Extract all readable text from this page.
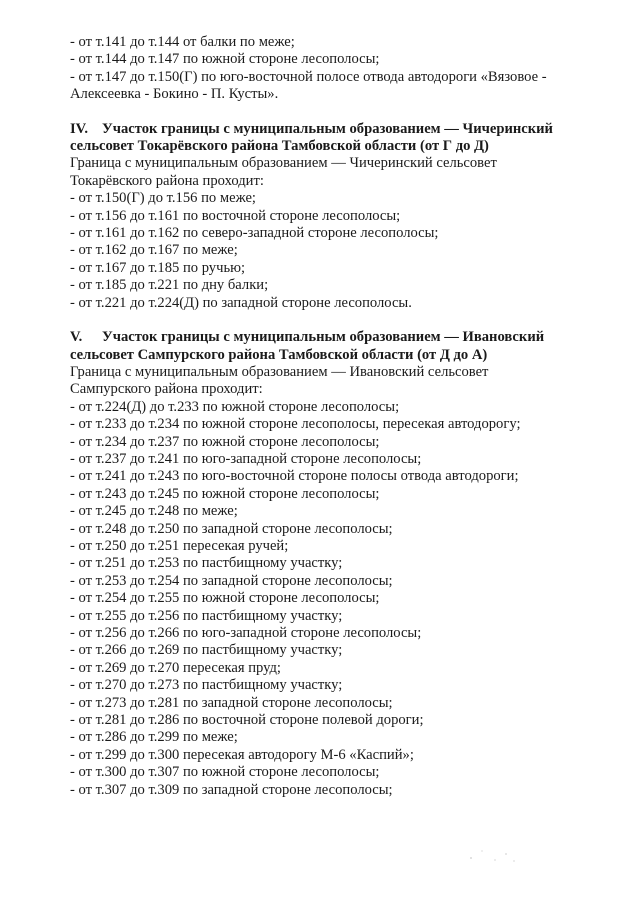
- от т.141 до т.144 от балки по меже;
- от т.144 до т.147 по южной стороне лесополосы;
- от т.147 до т.150(Г) по юго-восточной полосе отвода автодороги «Вязовое -
Алексеевка - Бокино - П. Кусты».
IV. Участок границы с муниципальным образованием — Чичеринский
сельсовет Токарёвского района Тамбовской области (от Г до Д)
Граница с муниципальным образованием — Чичеринский сельсовет
Токарёвского района проходит:
- от т.150(Г) до т.156 по меже;
- от т.156 до т.161 по восточной стороне лесополосы;
- от т.161 до т.162 по северо-западной стороне лесополосы;
- от т.162 до т.167 по меже;
- от т.167 до т.185 по ручью;
- от т.185 до т.221 по дну балки;
- от т.221 до т.224(Д) по западной стороне лесополосы.
V. Участок границы с муниципальным образованием — Ивановский
сельсовет Сампурского района Тамбовской области (от Д до А)
Граница с муниципальным образованием — Ивановский сельсовет
Сампурского района проходит:
- от т.224(Д) до т.233 по южной стороне лесополосы;
- от т.233 до т.234 по южной стороне лесополосы, пересекая автодорогу;
- от т.234 до т.237 по южной стороне лесополосы;
- от т.237 до т.241 по юго-западной стороне лесополосы;
- от т.241 до т.243 по юго-восточной стороне полосы отвода автодороги;
- от т.243 до т.245 по южной стороне лесополосы;
- от т.245 до т.248 по меже;
- от т.248 до т.250 по западной стороне лесополосы;
- от т.250 до т.251 пересекая ручей;
- от т.251 до т.253 по пастбищному участку;
- от т.253 до т.254 по западной стороне лесополосы;
- от т.254 до т.255 по южной стороне лесополосы;
- от т.255 до т.256 по пастбищному участку;
- от т.256 до т.266 по юго-западной стороне лесополосы;
- от т.266 до т.269 по пастбищному участку;
- от т.269 до т.270 пересекая пруд;
- от т.270 до т.273 по пастбищному участку;
- от т.273 до т.281 по западной стороне лесополосы;
- от т.281 до т.286 по восточной стороне полевой дороги;
- от т.286 до т.299 по меже;
- от т.299 до т.300 пересекая автодорогу М-6 «Каспий»;
- от т.300 до т.307 по южной стороне лесополосы;
- от т.307 до т.309 по западной стороне лесополосы;
